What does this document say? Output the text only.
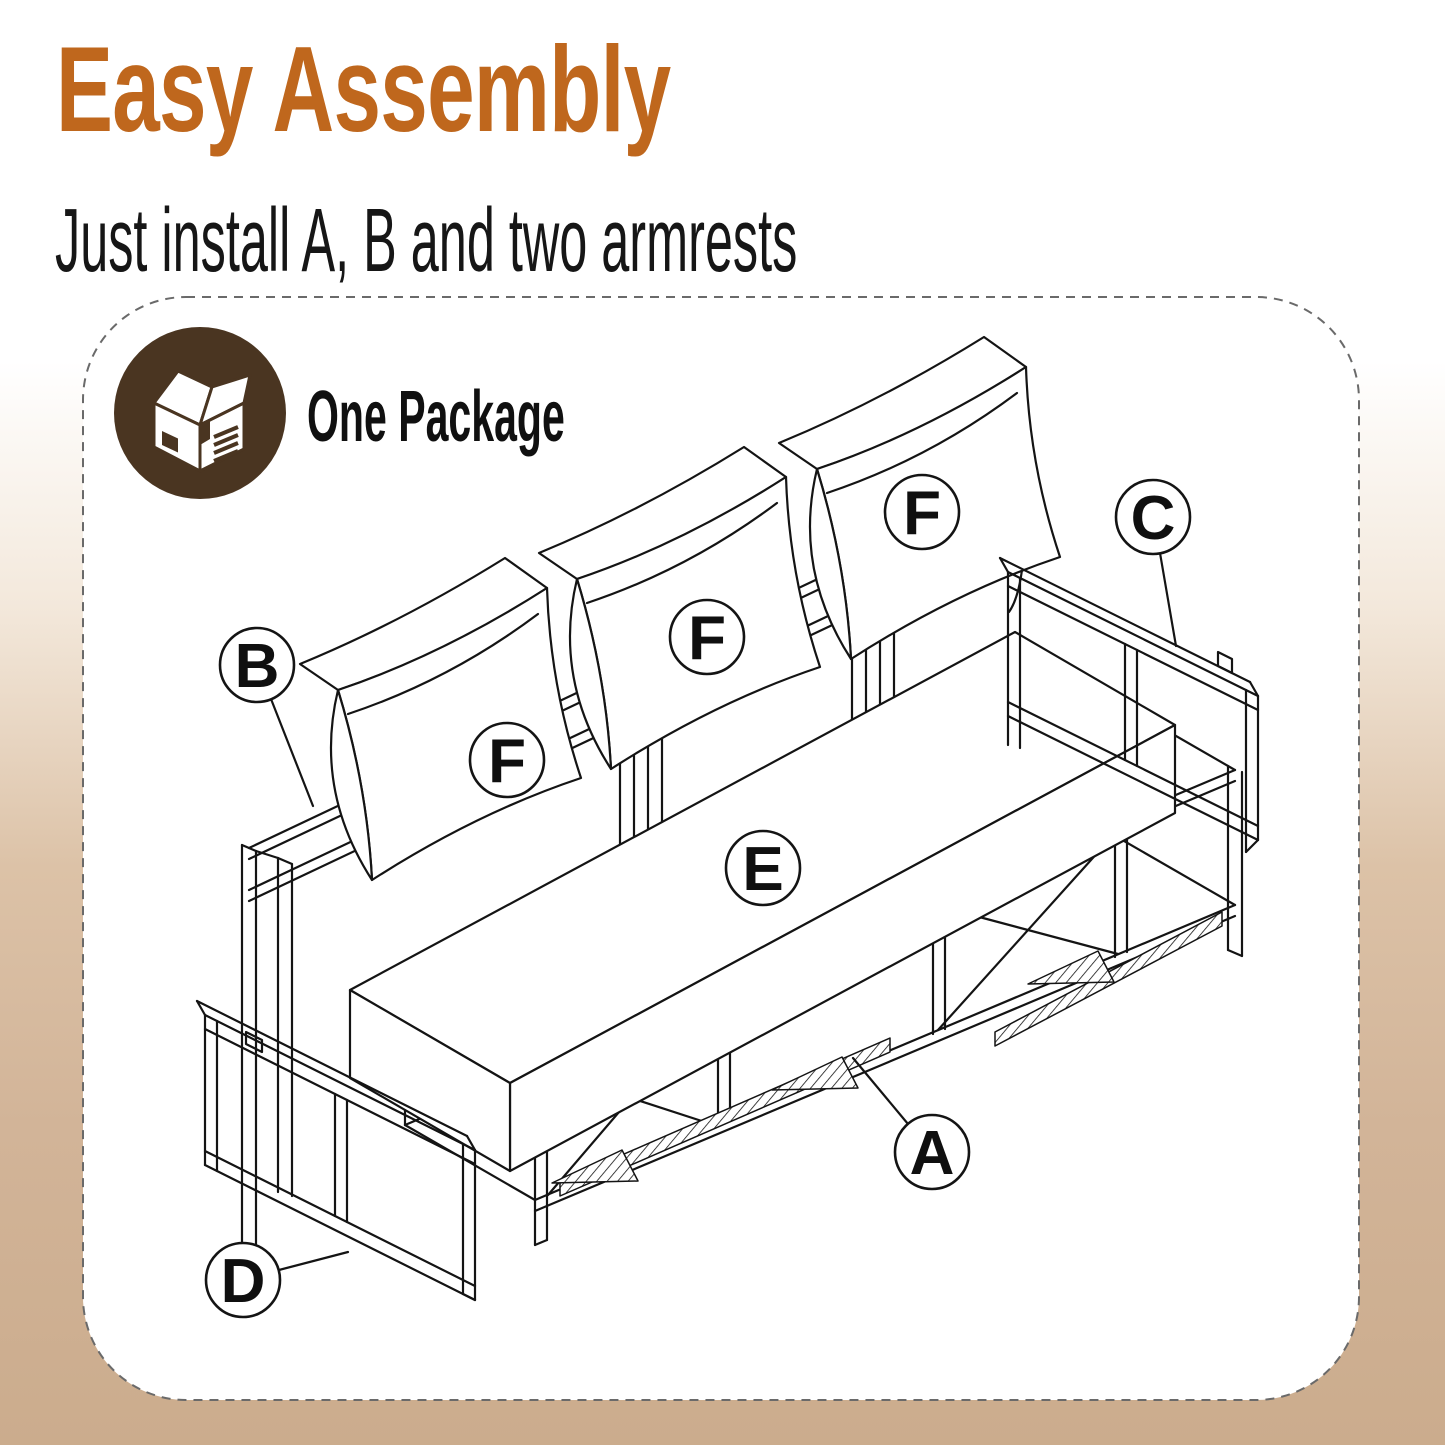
B
C
D
A
E
F
F
F
Easy Assembly
Just install A, B and two armrests
One Package
